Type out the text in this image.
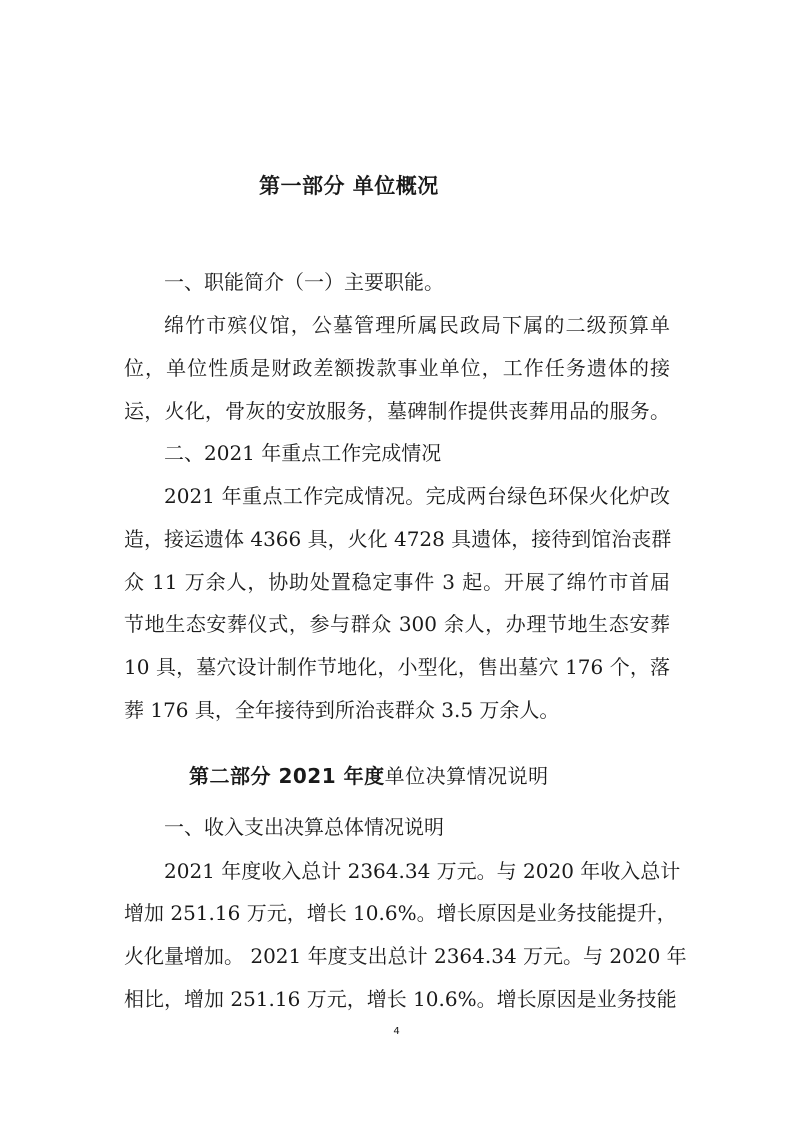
第一部分 单位概况

一、职能简介（一）主要职能。

绵竹市殡仪馆，公墓管理所属民政局下属的二级预算单

位，单位性质是财政差额拨款事业单位，工作任务遗体的接

运，火化，骨灰的安放服务，墓碑制作提供丧葬用品的服务。

二、2021 年重点工作完成情况

2021 年重点工作完成情况。完成两台绿色环保火化炉改

造，接运遗体 4366 具，火化 4728 具遗体，接待到馆治丧群

众 11 万余人，协助处置稳定事件 3 起。开展了绵竹市首届

节地生态安葬仪式，参与群众 300 余人，办理节地生态安葬

10 具，墓穴设计制作节地化，小型化，售出墓穴 176 个，落

葬 176 具，全年接待到所治丧群众 3.5 万余人。

第二部分 2021 年度单位决算情况说明

一、收入支出决算总体情况说明

2021 年度收入总计 2364.34 万元。与 2020 年收入总计

增加 251.16 万元，增长 10.6%。增长原因是业务技能提升，

火化量增加。 2021 年度支出总计 2364.34 万元。与 2020 年

相比，增加 251.16 万元，增长 10.6%。增长原因是业务技能

4
